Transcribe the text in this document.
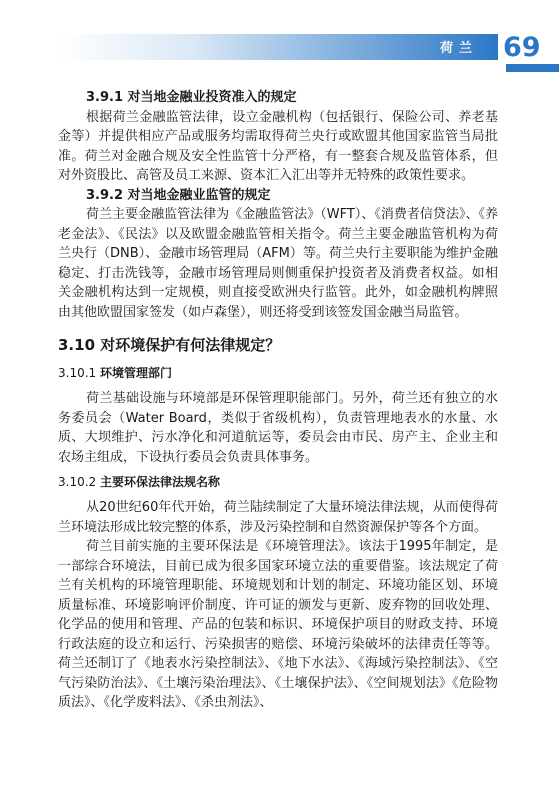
荷兰 69
3.9.1 对当地金融业投资准入的规定

根据荷兰金融监管法律，设立金融机构（包括银行、保险公司、养老基金等）并提供相应产品或服务均需取得荷兰央行或欧盟其他国家监管当局批准。荷兰对金融合规及安全性监管十分严格，有一整套合规及监管体系，但对外资股比、高管及员工来源、资本汇入汇出等并无特殊的政策性要求。

3.9.2 对当地金融业监管的规定

荷兰主要金融监管法律为《金融监管法》（WFT）、《消费者信贷法》、《养老金法》、《民法》以及欧盟金融监管相关指令。荷兰主要金融监管机构为荷兰央行（DNB）、金融市场管理局（AFM）等。荷兰央行主要职能为维护金融稳定、打击洗钱等，金融市场管理局则侧重保护投资者及消费者权益。如相关金融机构达到一定规模，则直接受欧洲央行监管。此外，如金融机构牌照由其他欧盟国家签发（如卢森堡），则还将受到该签发国金融当局监管。

3.10 对环境保护有何法律规定？
3.10.1 环境管理部门

荷兰基础设施与环境部是环保管理职能部门。另外，荷兰还有独立的水务委员会（Water Board，类似于省级机构），负责管理地表水的水量、水质、大坝维护、污水净化和河道航运等，委员会由市民、房产主、企业主和农场主组成，下设执行委员会负责具体事务。

3.10.2 主要环保法律法规名称

从20世纪60年代开始，荷兰陆续制定了大量环境法律法规，从而使得荷兰环境法形成比较完整的体系，涉及污染控制和自然资源保护等各个方面。

荷兰目前实施的主要环保法是《环境管理法》。该法于1995年制定，是一部综合环境法，目前已成为很多国家环境立法的重要借鉴。该法规定了荷兰有关机构的环境管理职能、环境规划和计划的制定、环境功能区划、环境质量标准、环境影响评价制度、许可证的颁发与更新、废弃物的回收处理、化学品的使用和管理、产品的包装和标识、环境保护项目的财政支持、环境行政法庭的设立和运行、污染损害的赔偿、环境污染破坏的法律责任等等。荷兰还制订了《地表水污染控制法》、《地下水法》、《海域污染控制法》、《空气污染防治法》、《土壤污染治理法》、《土壤保护法》、《空间规划法》《危险物质法》、《化学废料法》、《杀虫剂法》、
